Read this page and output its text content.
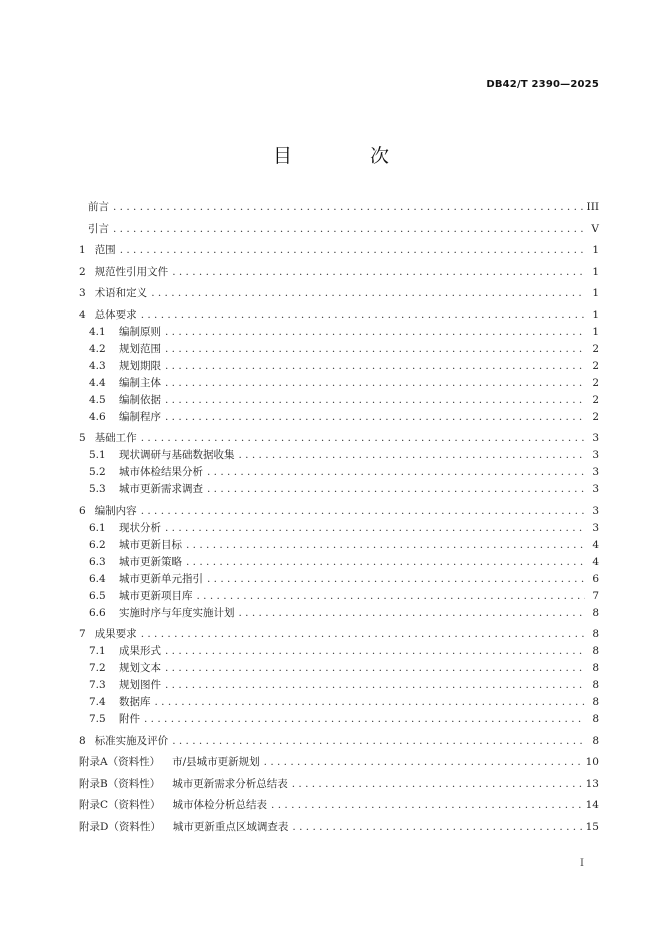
DB42/T 2390—2025
目 次
前言 . . .	III
引言 . . .	V
1 范围 . . .	1
2 规范性引用文件 . . .	1
3 术语和定义 . . .	1
4 总体要求 . . .	1
4.1	编制原则 . . .	1
4.2	规划范围 . . .	2
4.3	规划期限 . . .	2
4.4	编制主体 . . .	2
4.5	编制依据 . . .	2
4.6	编制程序 . . .	2
5 基础工作 . . .	3
5.1	现状调研与基础数据收集 . . .	3
5.2	城市体检结果分析 . . .	3
5.3	城市更新需求调查 . . .	3
6 编制内容 . . .	3
6.1	现状分析 . . .	3
6.2	城市更新目标 . . .	4
6.3	城市更新策略 . . .	4
6.4	城市更新单元指引 . . .	6
6.5	城市更新项目库 . . .	7
6.6	实施时序与年度实施计划 . . .	8
7 成果要求 . . .	8
7.1	成果形式 . . .	8
7.2	规划文本 . . .	8
7.3	规划图件 . . .	8
7.4	数据库 . . .	8
7.5	附件 . . .	8
8 标准实施及评价 . . .	8
附录A（资料性） 市/县城市更新规划 . . .	10
附录B（资料性） 城市更新需求分析总结表 . . .	13
附录C（资料性） 城市体检分析总结表 . . .	14
附录D（资料性） 城市更新重点区域调查表 . . .	15
I
